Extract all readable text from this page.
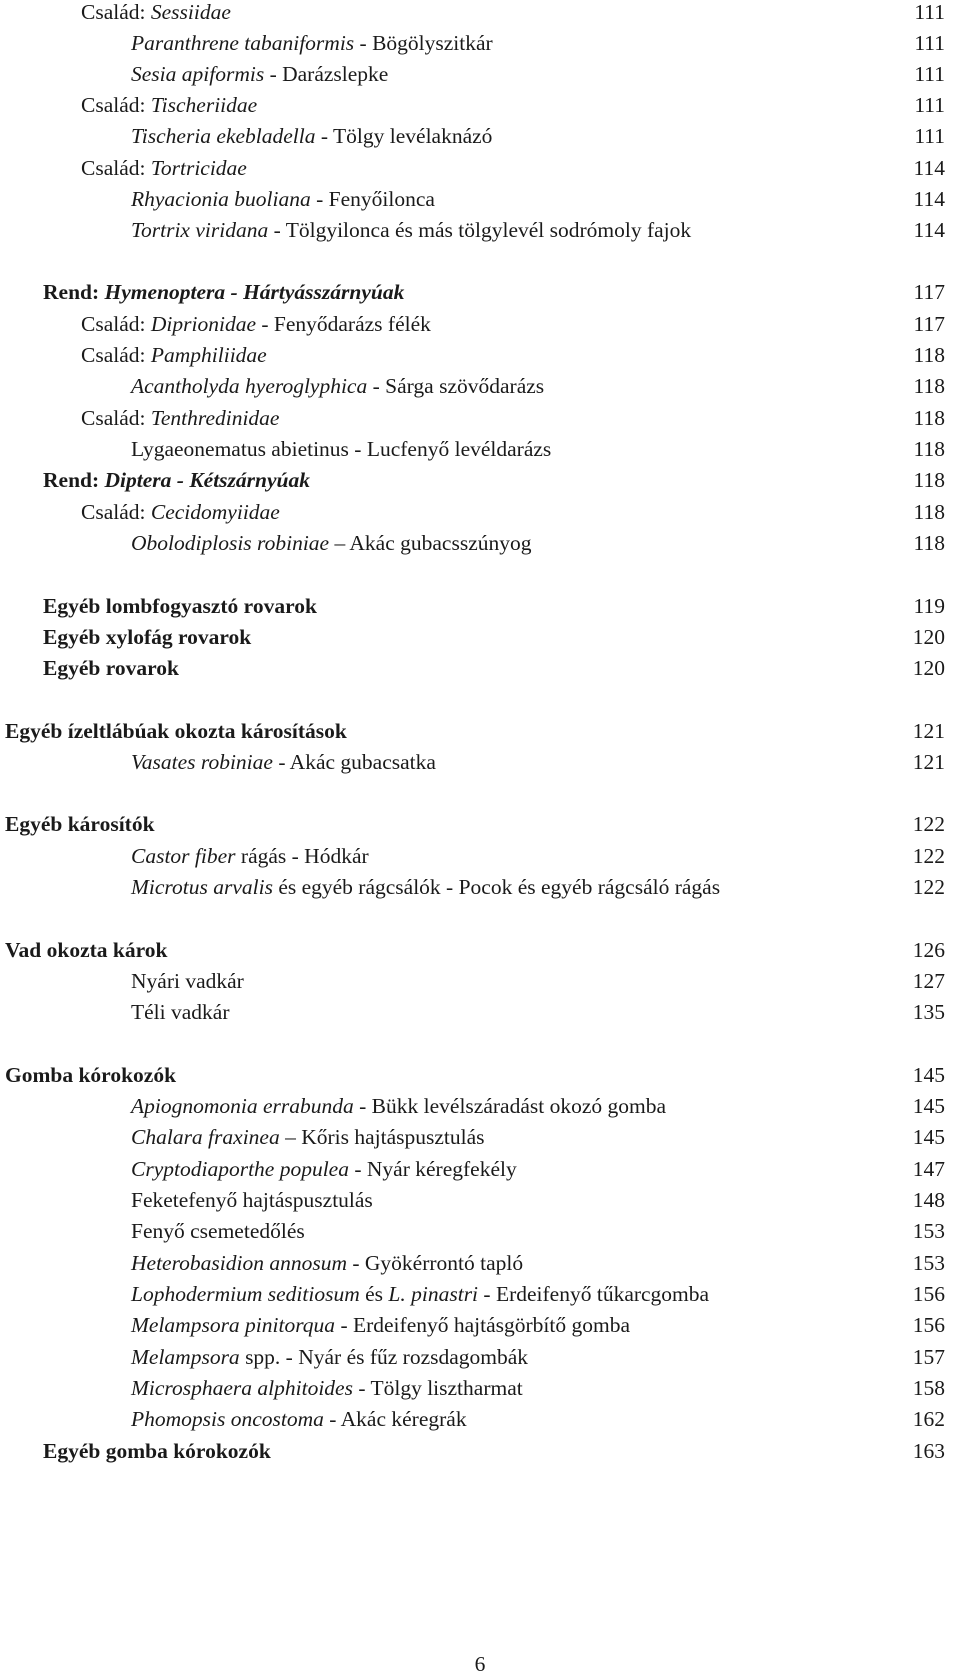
Család: Sessiidae	111
Paranthrene tabaniformis - Bögölyszitkár	111
Sesia apiformis - Darázslepke	111
Család: Tischeriidae	111
Tischeria ekebladella - Tölgy levélaknázó	111
Család: Tortricidae	114
Rhyacionia buoliana - Fenyőilonca	114
Tortrix viridana - Tölgyilonca és más tölgylevél sodrómoly fajok	114
Rend: Hymenoptera - Hártyásszárnyúak	117
Család: Diprionidae - Fenyődarázs félék	117
Család: Pamphiliidae	118
Acantholyda hyeroglyphica - Sárga szövődarázs	118
Család: Tenthredinidae	118
Lygaeonematus abietinus - Lucfenyő levéldarázs	118
Rend: Diptera - Kétszárnyúak	118
Család: Cecidomyiidae	118
Obolodiplosis robiniae – Akác gubacsszúnyog	118
Egyéb lombfogyasztó rovarok	119
Egyéb xylofág rovarok	120
Egyéb rovarok	120
Egyéb ízeltlábúak okozta károsítások	121
Vasates robiniae - Akác gubacsatka	121
Egyéb károsítók	122
Castor fiber rágás - Hódkár	122
Microtus arvalis és egyéb rágcsálók - Pocok és egyéb rágcsáló rágás	122
Vad okozta károk	126
Nyári vadkár	127
Téli vadkár	135
Gomba kórokozók	145
Apiognomonia errabunda - Bükk levélszáradást okozó gomba	145
Chalara fraxinea – Kőris hajtáspusztulás	145
Cryptodiaporthe populea - Nyár kéregfekély	147
Feketefenyő hajtáspusztulás	148
Fenyő csemetedőlés	153
Heterobasidion annosum - Gyökérrontó tapló	153
Lophodermium seditiosum és L. pinastri - Erdeifenyő tűkarcgomba	156
Melampsora pinitorqua - Erdeifenyő hajtásgörbítő gomba	156
Melampsora spp. - Nyár és fűz rozsdagombák	157
Microsphaera alphitoides - Tölgy lisztharmat	158
Phomopsis oncostoma - Akác kéregrák	162
Egyéb gomba kórokozók	163
6
